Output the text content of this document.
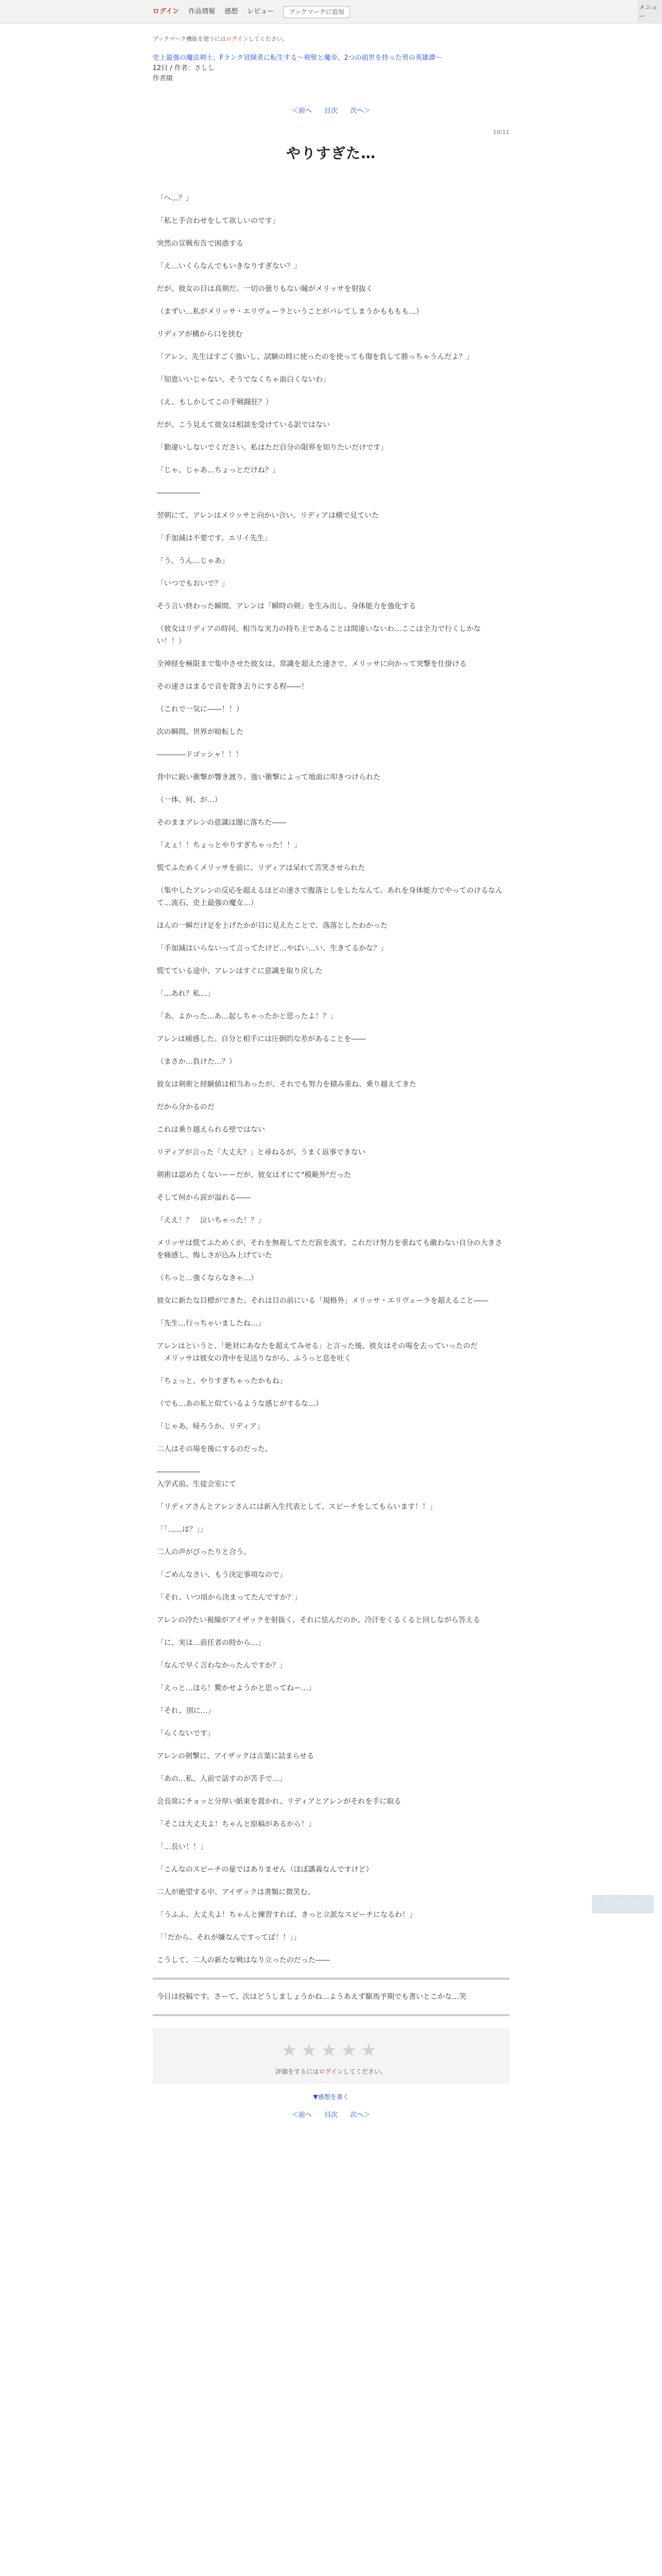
ログイン 作品情報 感想 レビュー	ブックマークに追加
メニュー
ブックマーク機能を使うにはログインしてください。
史上最強の魔法剣士、Fランク冒険者に転生する～剣聖と魔帝、2つの前世を持った男の英雄譚～
12日 / 作者：さしし
作者綴
＜前へ 目次 次へ＞
10/11
やりすぎた…

「へ…？」

「私と手合わせをして欲しいのです」

突然の宣戦布告で困惑する

「え…いくらなんでもいきなりすぎない？」

だが、彼女の目は真剣だ。一切の曇りもない瞳がメリッサを射抜く

（まずい…私がメリッサ・エリヴェーラということがバレてしまうかもももも…）

リディアが構から口を挟む

「アレン、先生はすごく強いし、試験の時に使ったのを使っても傷を負して勝っちゃうんだよ？」

「知恵いいじゃない、そうでなくちゃ面白くないわ」

（え、もしかしてこの手戦闘狂？）

だが、こう見えて彼女は相談を受けている訳ではない

「勤違いしないでください。私はただ自分の限界を知りたいだけです」

「じゃ、じゃあ…ちょっとだけね？」

――――――

翌朝にて、アレンはメリッサと向かい合い、リディアは横で見ていた

「手加減は不要です、エリイ先生」

「う、うん…じゃあ」

「いつでもおいで？」

そう言い終わった瞬間、アレンは「瞬時の剣」を生み出し、身体能力を強化する

（彼女はリディアの時同、相当な実力の持ち主であることは間違いないわ…ここは全力で行くしかない！！）

全神経を極限まで集中させた彼女は、常識を超えた速さで、メリッサに向かって突撃を仕掛ける

その速さはまるで音を置き去りにする程――！

（これで一気に――！！）

次の瞬間、世界が暗転した

――――ドゴッシャ！！！

背中に鋭い衝撃が響き渡り、強い衝撃によって地面に叩きつけられた

（一体、何、が…）

そのままアレンの意識は闇に落ちた――

「えぇ！！ちょっとやりすぎちゃった！！」

慌てふためくメリッサを前に、リディアは呆れて苦笑させられた

（集中したアレンの反応を超えるほどの速さで腹落としをしたなんて。あれを身体能力でやってのけるなんて…流石、史上最強の魔女…）

ほんの一瞬だけ足を上げたかが目に見えたことで、落落としたわかった

「手加減はいらないって言ってたけど…やばい…い、生きてるかな？」

慌てている途中、アレンはすぐに意識を取り戻した

「…あれ？私…」

「あ、よかった…あ…起しちゃったかと思ったよ！？」

アレンは痛感した。自分と相手には圧倒的な差があることを――

（まさか…負けた…？）

彼女は剣術と経験値は相当あったが、それでも努力を積み重ね、乗り越えてきた

だから分かるのだ

これは乗り越えられる壁ではない

リディアが言った「大丈夫？」と尋ねるが、うまく返事できない

剣術は認めたくないーーだが、彼女は才にて"模範外"だった

そして何から涙が溢れる――

「ええ！？　泣いちゃった！？」

メリッサは慌てふためくが、それを無視してただ涙を流す。これだけ努力を重ねても敵わない自分の大きさを痛感し、悔しさが込み上げていた

（ちっと…強くならなきゃ…）

彼女に新たな目標ができた。それは目の前にいる「規格外」メリッサ・エリヴェーラを超えること――

「先生…行っちゃいましたね…」

アレンはというと、「絶対にあなたを超えてみせる」と言った後、彼女はその場を去っていったのだ
　メリッサは彼女の背中を見送りながら、ふうっと息を吐く

「ちょっと、やりすぎちゃったかもね」

（でも…あの私と似ているような感じがするな…）

「じゃあ、帰ろうか、リディア」

二人はその場を後にするのだった。

――――――
入学式前、生徒会室にて

「リディアさんとアレンさんには新入生代表として、スピーチをしてもらいます！！」

「「……は？」」

二人の声がびったりと合う。

「ごめんなさい、もう決定事項なので」

「それ、いつ頃から決まってたんですか？」

アレンの冷たい視線がアイザックを射抜く。それに怯んだのか、冷汗をくるくると回しながら答える

「に、実は…前任者の時から…」

「なんで早く言わなかったんですか？」

「えっと…ほら！驚かせようかと思ってねー…」

「それ、別に…」

「らくないです」

アレンの剣撃に、アイザックは言葉に詰まらせる

「あの…私、人前で話すのが苦手で…」

会長席にチョッと分厚い紙束を置かれ、リディアとアレンがそれを手に取る

「そこは大丈夫よ！ちゃんと原稿があるから！」

「…長い！！」

「こんなのスピーチの量ではありません（ほぼ講義なんですけど）

二人が絶望する中、アイザックは書類に微笑む。

「うふふ、大丈夫よ！ちゃんと練習すれば、きっと立派なスピーチになるわ！」

「「だから、それが嫌なんですってば！！」」

こうして、二人の新たな戦はなり立ったのだった――

今日は投稿です。さーて、次はどうしましょうかね…ようあえず駆馬予期でも書いとこかな…笑
★★★★★
評価をするにはログインしてください。
▼感想を書く
＜前へ 目次 次へ＞
ページトップへ
